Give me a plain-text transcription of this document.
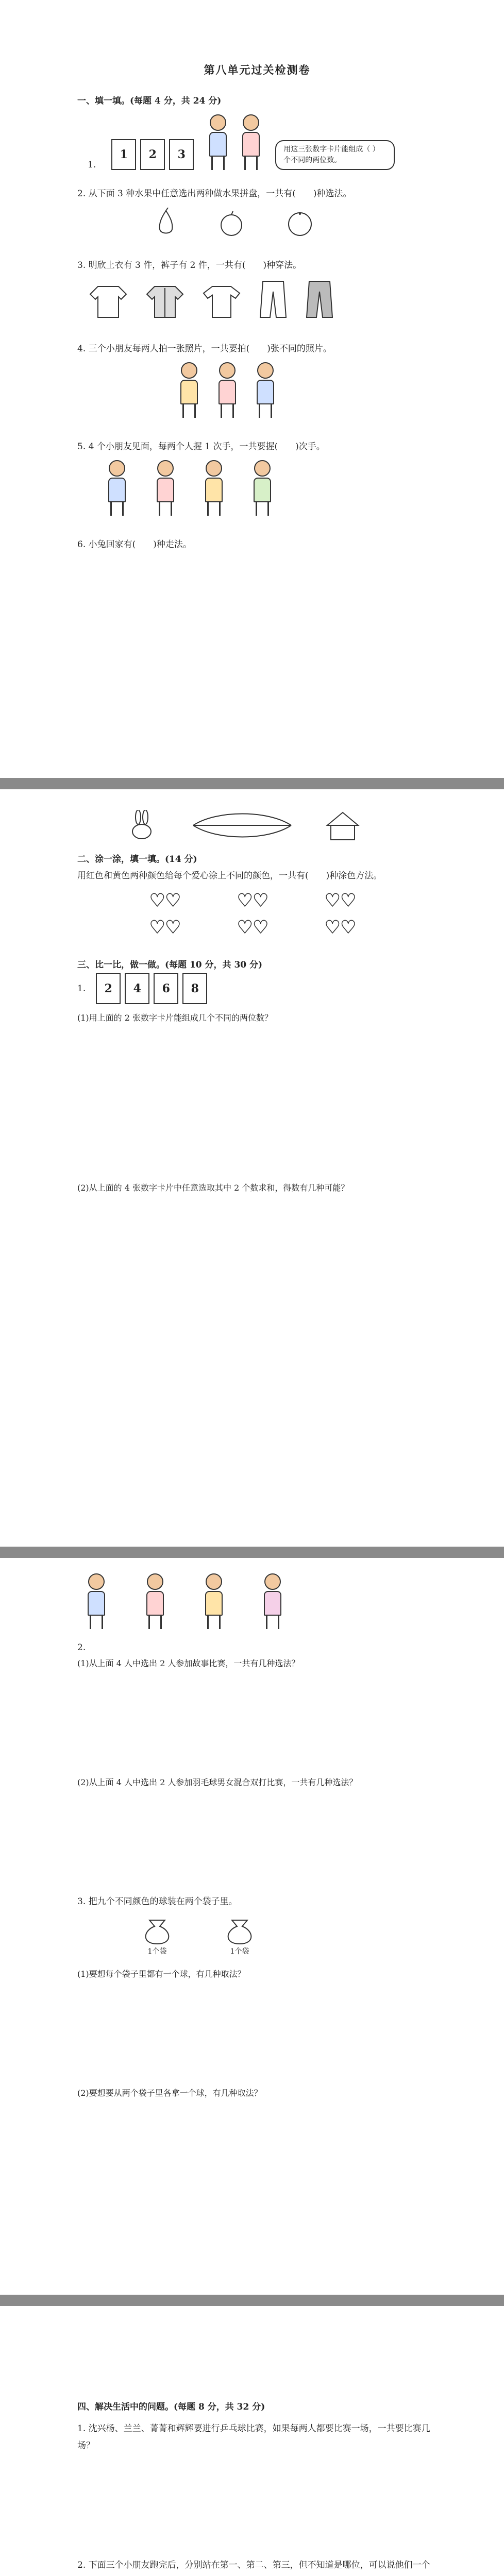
第八单元过关检测卷

一、填一填。(每题 4 分，共 24 分)

1.
1	2	3	用这三张数字卡片能组成（ ）个不同的两位数。

2. 从下面 3 种水果中任意选出两种做水果拼盘，一共有(　　)种选法。

3. 明欣上衣有 3 件，裤子有 2 件，一共有(　　)种穿法。

4. 三个小朋友每两人拍一张照片，一共要拍(　　)张不同的照片。

5. 4 个小朋友见面，每两个人握 1 次手，一共要握(　　)次手。

6. 小兔回家有(　　)种走法。

二、涂一涂，填一填。(14 分)

用红色和黄色两种颜色给每个爱心涂上不同的颜色，一共有(　　)种涂色方法。

♥♥	♥♥	♥♥
♥♥	♥♥	♥♥

三、比一比，做一做。(每题 10 分，共 30 分)

1.	2	4	6	8

(1)用上面的 2 张数字卡片能组成几个不同的两位数？

(2)从上面的 4 张数字卡片中任意选取其中 2 个数求和，得数有几种可能？

2.

(1)从上面 4 人中选出 2 人参加故事比赛，一共有几种选法？

(2)从上面 4 人中选出 2 人参加羽毛球男女混合双打比赛，一共有几种选法？

3. 把九个不同颜色的球装在两个袋子里。

1个袋	1个袋

(1)要想每个袋子里都有一个球，有几种取法？

(2)要想要从两个袋子里各拿一个球，有几种取法？

四、解决生活中的问题。(每题 8 分，共 32 分)

1. 沈兴杨、兰兰、菁菁和辉辉要进行乒乓球比赛，如果每两人都要比赛一场，一共要比赛几场？

2. 下面三个小朋友跑完后，分别站在第一、第二、第三，但不知道是哪位，可以说他们一个
